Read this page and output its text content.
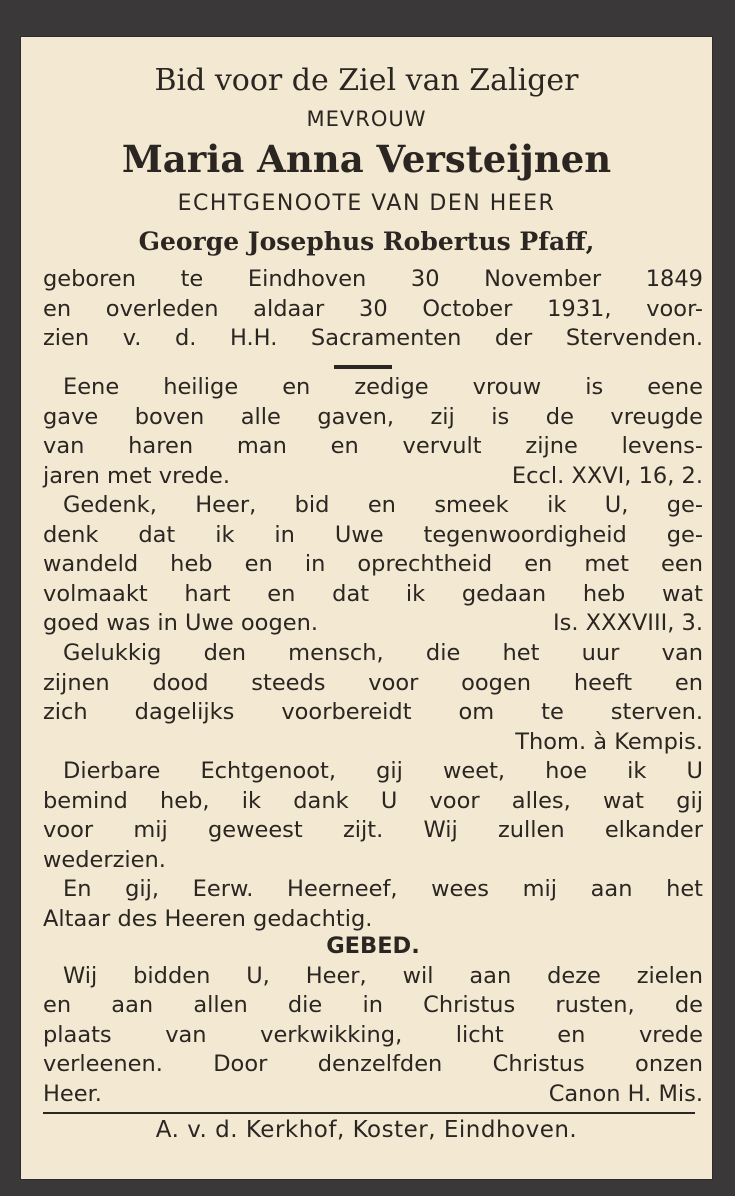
Bid voor de Ziel van Zaliger
MEVROUW
Maria Anna Versteijnen
ECHTGENOOTE VAN DEN HEER
George Josephus Robertus Pfaff,
geboren te Eindhoven 30 November 1849
en overleden aldaar 30 October 1931, voor-
zien v. d. H.H. Sacramenten der Stervenden.
Eene heilige en zedige vrouw is eene
gave boven alle gaven, zij is de vreugde
van haren man en vervult zijne levens-
jaren met vrede.	Eccl. XXVI, 16, 2.
Gedenk, Heer, bid en smeek ik U, ge-
denk dat ik in Uwe tegenwoordigheid ge-
wandeld heb en in oprechtheid en met een
volmaakt hart en dat ik gedaan heb wat
goed was in Uwe oogen.	Is. XXXVIII, 3.
Gelukkig den mensch, die het uur van
zijnen dood steeds voor oogen heeft en
zich dagelijks voorbereidt om te sterven.
Thom. à Kempis.
Dierbare Echtgenoot, gij weet, hoe ik U
bemind heb, ik dank U voor alles, wat gij
voor mij geweest zijt. Wij zullen elkander
wederzien.
En gij, Eerw. Heerneef, wees mij aan het
Altaar des Heeren gedachtig.
GEBED.
Wij bidden U, Heer, wil aan deze zielen
en aan allen die in Christus rusten, de
plaats van verkwikking, licht en vrede
verleenen. Door denzelfden Christus onzen
Heer.	Canon H. Mis.
A. v. d. Kerkhof, Koster, Eindhoven.
